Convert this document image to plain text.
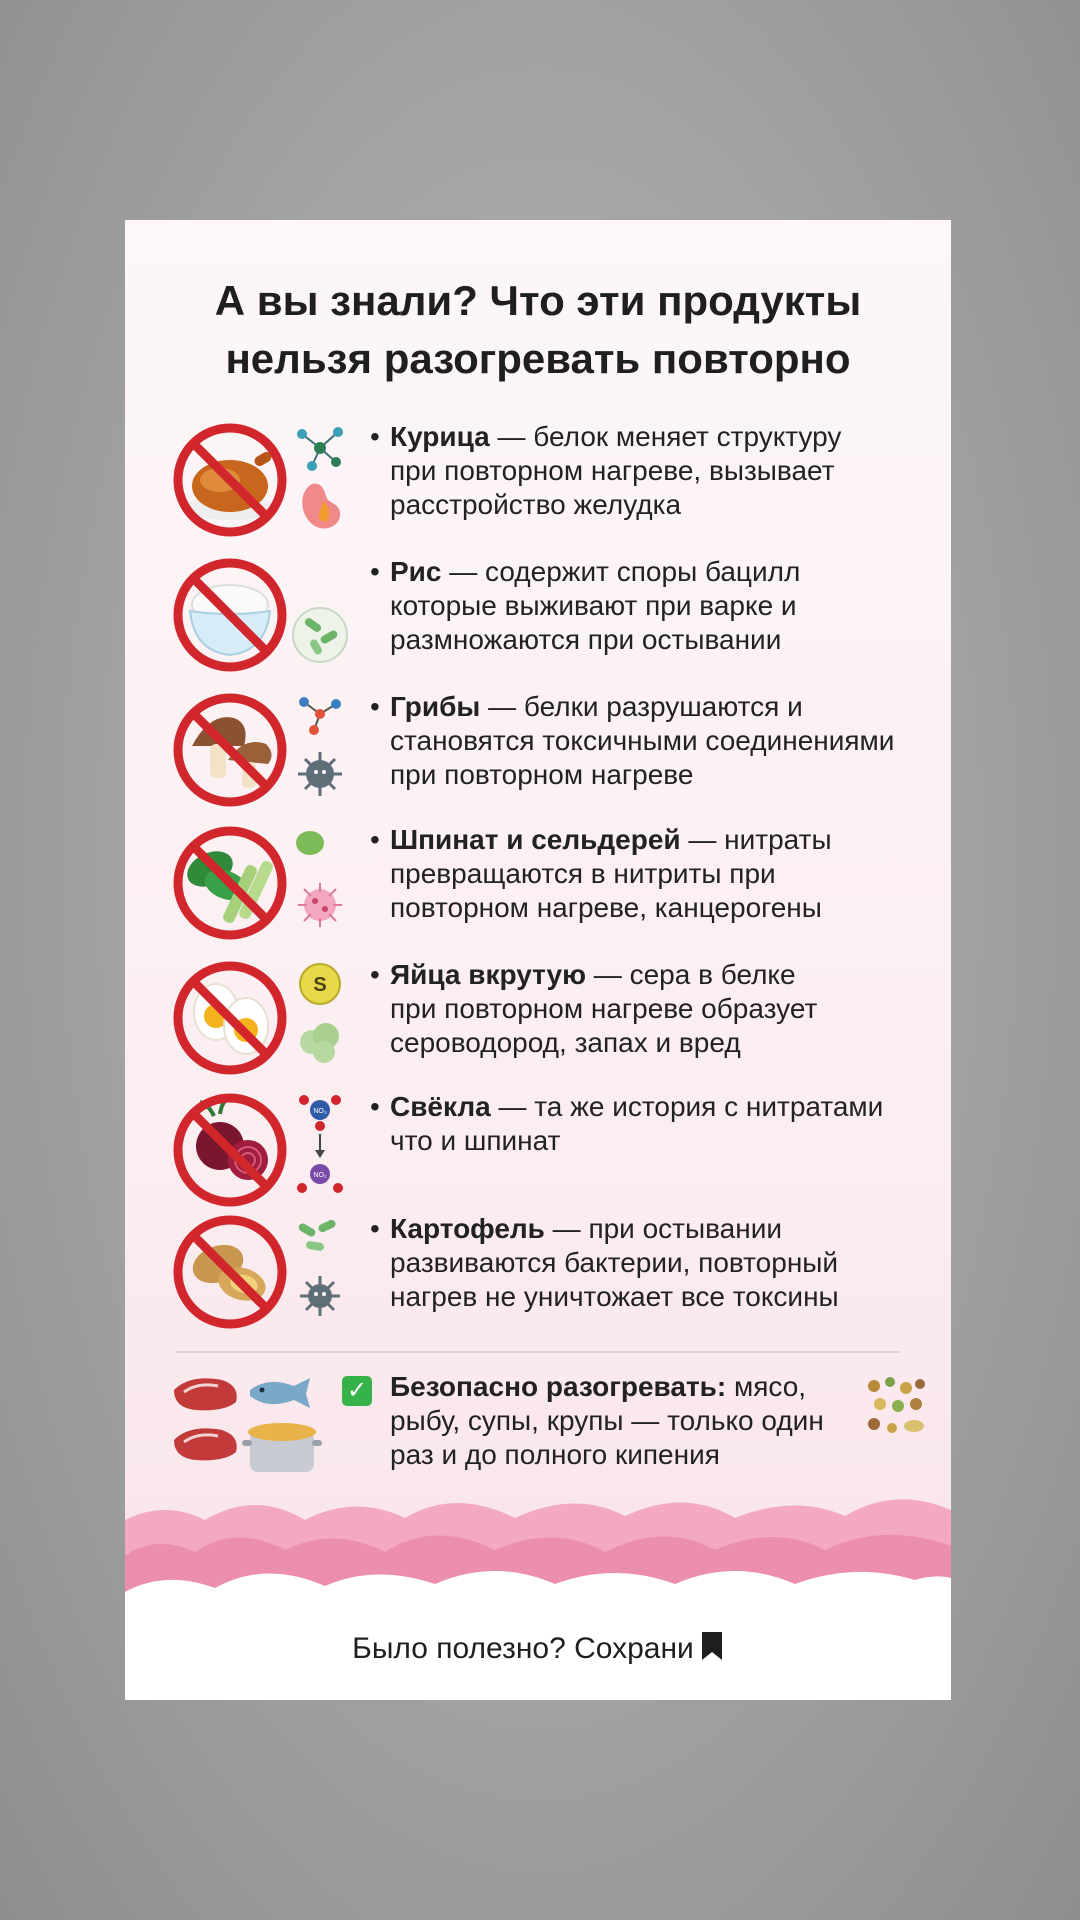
А вы знали? Что эти продукты
нельзя разогревать повторно
• Курица — белок меняет структуру
при повторном нагреве, вызывает
расстройство желудка
• Рис — содержит споры бацилл
которые выживают при варке и
размножаются при остывании
• Грибы — белки разрушаются и
становятся токсичными соединениями
при повторном нагреве
• Шпинат и сельдерей — нитраты
превращаются в нитриты при
повторном нагреве, канцерогены
S • Яйца вкрутую — сера в белке
при повторном нагреве образует
сероводород, запах и вред
NO₃
NO₂
• Свёкла — та же история с нитратами
что и шпинат
• Картофель — при остывании
развиваются бактерии, повторный
нагрев не уничтожает все токсины
✓ Безопасно разогревать: мясо,
рыбу, супы, крупы — только один
раз и до полного кипения
Было полезно? Сохрани
